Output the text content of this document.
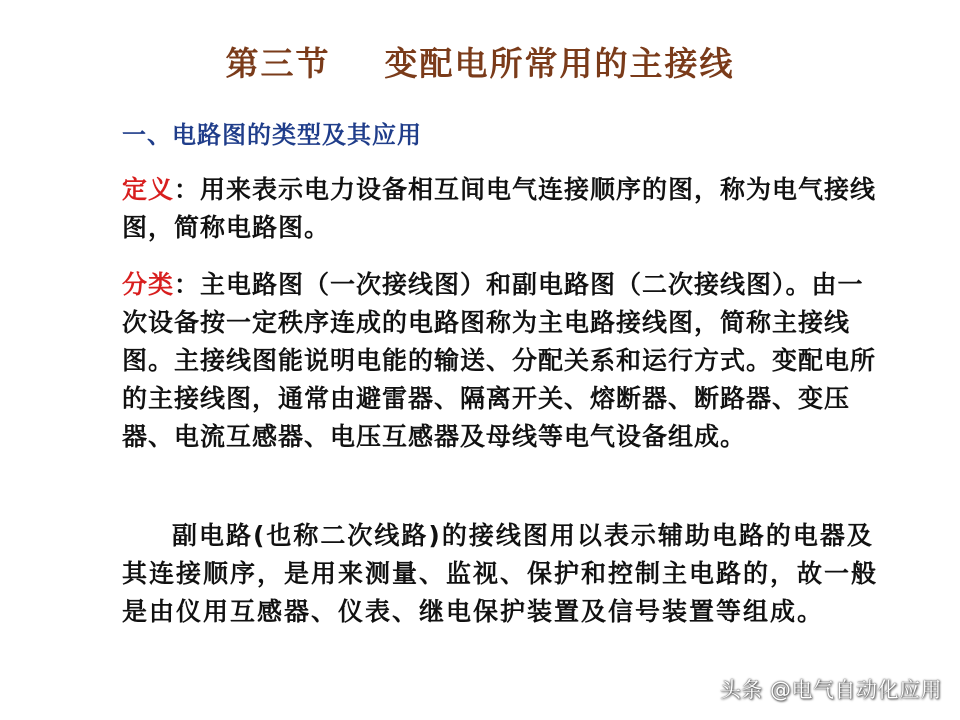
第三节    变配电所常用的主接线
一、电路图的类型及其应用
定义：用来表示电力设备相互间电气连接顺序的图，称为电气接线图，简称电路图。
分类：主电路图（一次接线图）和副电路图（二次接线图）。由一次设备按一定秩序连成的电路图称为主电路接线图，简称主接线图。主接线图能说明电能的输送、分配关系和运行方式。变配电所的主接线图，通常由避雷器、隔离开关、熔断器、断路器、变压器、电流互感器、电压互感器及母线等电气设备组成。
副电路(也称二次线路)的接线图用以表示辅助电路的电器及其连接顺序，是用来测量、监视、保护和控制主电路的，故一般是由仪用互感器、仪表、继电保护装置及信号装置等组成。
头条 @电气自动化应用
